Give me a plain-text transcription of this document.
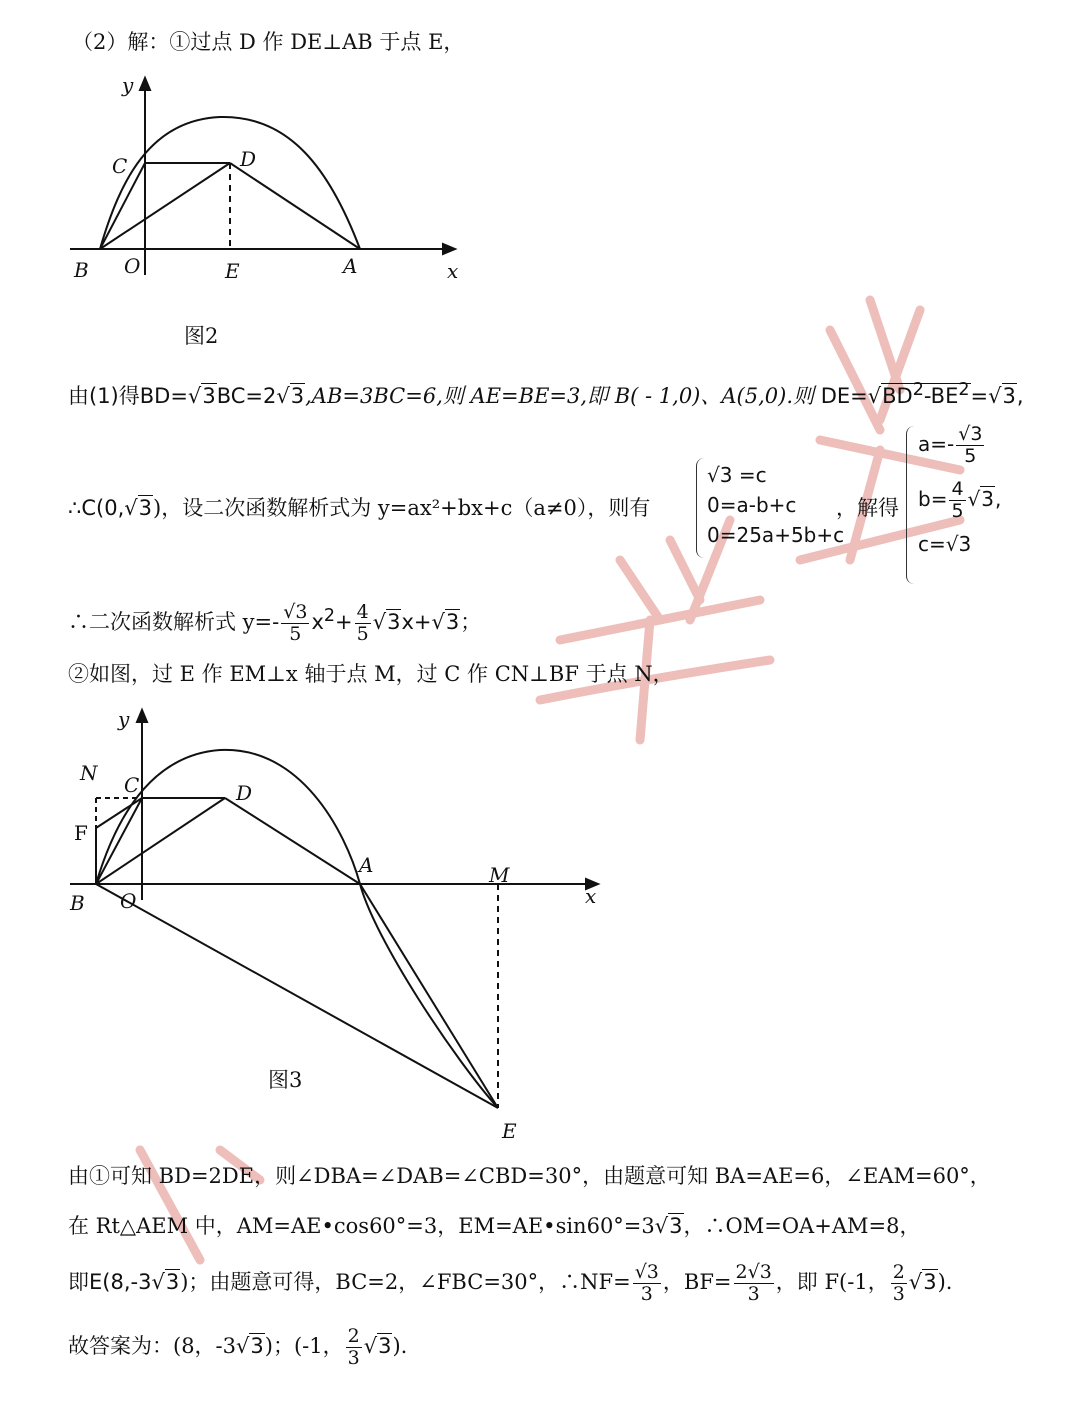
（2）解：①过点 D 作 DE⊥AB 于点 E，
y
x
B O	E	A
C	D
图2
由(1)得BD=√3BC=2√3,AB=3BC=6,则 AE=BE=3,即 B( - 1,0)、A(5,0).则 $DE=√BD^2-BE^2=√3$,
∴C(0,√3)，设二次函数解析式为 y=ax²+bx+c（a≠0），则有
√3 =c
0=a-b+c
0=25a+5b+c
，解得
$a=- \frac{√3}{5}$
$b= \frac{4}{5} √3$,
c=√3
∴二次函数解析式 $y=- \frac{√3}{5} x^2+ \frac{4}{5} √3x+√3$；
②如图，过 E 作 EM⊥x 轴于点 M，过 C 作 CN⊥BF 于点 N，
y
x
N C	D
F
A	M
B O
E
图3
由①可知 BD=2DE，则∠DBA=∠DAB=∠CBD=30°，由题意可知 BA=AE=6，∠EAM=60°，
在 Rt△AEM 中，AM=AE•cos60°=3，EM=AE•sin60°=3√3，∴OM=OA+AM=8，
即E(8,-3√3)；由题意可得，BC=2，∠FBC=30°，∴NF= $\frac{√3}{3}$ ，$BF= \frac{2√3}{3}$ ，即 F(-1， $\frac{2}{3} √3$).
故答案为：(8，-3√3)；(-1， $\frac{2}{3} √3$).
